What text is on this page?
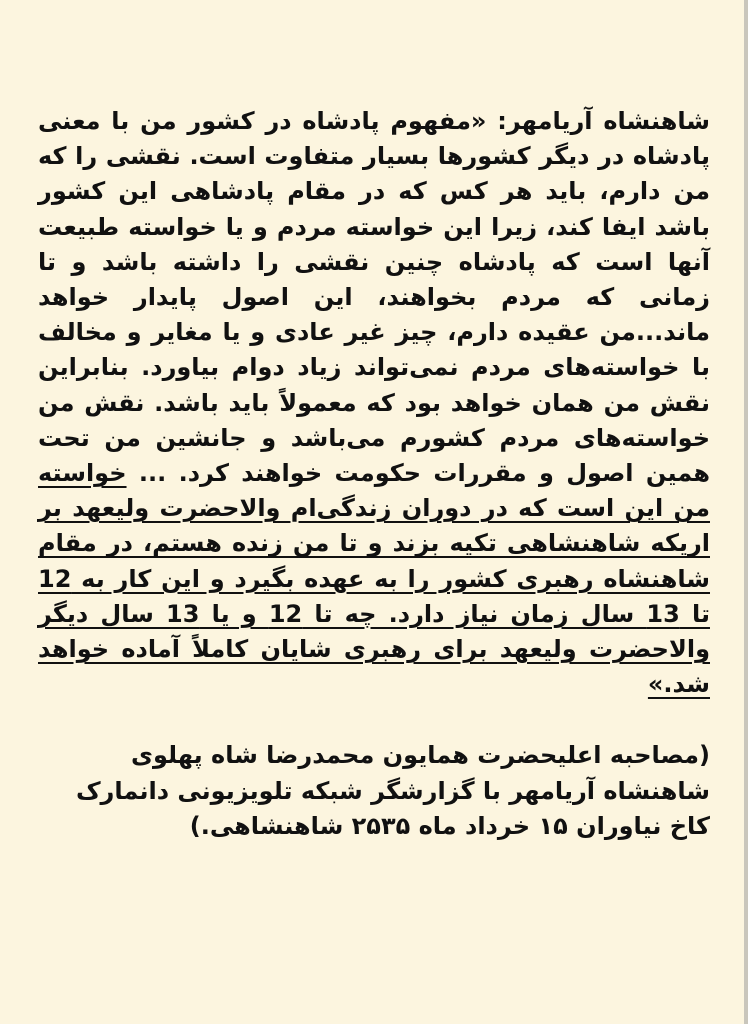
شاهنشاه آریامهر: «مفهوم پادشاه در کشور من با معنی پادشاه در دیگر کشورها بسیار متفاوت است. نقشی را که من دارم، باید هر کس که در مقام پادشاهی این کشور باشد ایفا کند، زیرا این خواسته مردم و یا خواسته طبیعت آنها است که پادشاه چنین نقشی را داشته باشد و تا زمانی که مردم بخواهند، این اصول پایدار خواهد ماند...من عقیده دارم، چیز غیر عادی و یا مغایر و مخالف با خواسته‌های مردم نمی‌تواند زیاد دوام بیاورد. بنابراین نقش من همان خواهد بود که معمولاً باید باشد. نقش من خواسته‌های مردم کشورم می‌باشد و جانشین من تحت همین اصول و مقررات حکومت خواهند کرد. ... خواسته من این است که در دوران زندگی‌ام والاحضرت ولیعهد بر اریکه شاهنشاهی تکیه بزند و تا من زنده هستم، در مقام شاهنشاه رهبری کشور را به عهده بگیرد و این کار به 12 تا 13 سال زمان نیاز دارد. چه تا 12 و یا 13 سال دیگر والاحضرت ولیعهد برای رهبری شایان کاملاً آماده خواهد شد.»

(مصاحبه اعلیحضرت همایون محمدرضا شاه پهلوی
شاهنشاه آریامهر با گزارشگر شبکه تلویزیونی دانمارک
کاخ نیاوران ۱۵ خرداد ماه ۲۵۳۵ شاهنشاهی.)
